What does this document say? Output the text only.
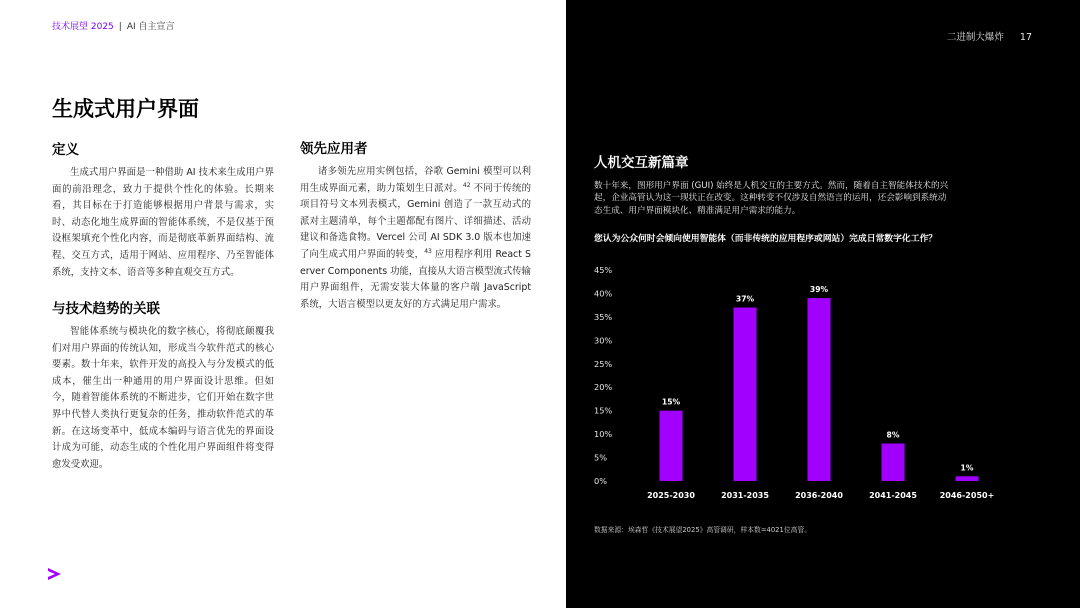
技术展望 2025 | AI 自主宣言
生成式用户界面
定义

生成式用户界面是一种借助 AI 技术来生成用户界面的前沿理念，致力于提供个性化的体验。长期来看，其目标在于打造能够根据用户背景与需求，实时、动态化地生成界面的智能体系统，不是仅基于预设框架填充个性化内容，而是彻底革新界面结构、流程、交互方式，适用于网站、应用程序、乃至智能体系统，支持文本、语音等多种直观交互方式。

与技术趋势的关联

智能体系统与模块化的数字核心，将彻底颠覆我们对用户界面的传统认知，形成当今软件范式的核心要素。数十年来，软件开发的高投入与分发模式的低成本，催生出一种通用的用户界面设计思维。但如今，随着智能体系统的不断进步，它们开始在数字世界中代替人类执行更复杂的任务，推动软件范式的革新。在这场变革中，低成本编码与语言优先的界面设计成为可能，动态生成的个性化用户界面组件将变得愈发受欢迎。

领先应用者

诸多领先应用实例包括，谷歌 Gemini 模型可以利用生成界面元素，助力策划生日派对。$^{42}$ 不同于传统的项目符号文本列表模式，Gemini 创造了一款互动式的派对主题清单，每个主题都配有图片、详细描述、活动建议和备选食物。Vercel 公司 AI SDK 3.0 版本也加速了向生成式用户界面的转变，$^{43}$ 应用程序利用 React Server Components 功能，直接从大语言模型流式传输用户界面组件，无需安装大体量的客户端 JavaScript 系统，大语言模型以更友好的方式满足用户需求。

二进制大爆炸 17
人机交互新篇章

数十年来，图形用户界面 (GUI) 始终是人机交互的主要方式。然而，随着自主智能体技术的兴起，企业高管认为这一现状正在改变。这种转变不仅涉及自然语言的运用，还会影响到系统动态生成、用户界面模块化、精准满足用户需求的能力。

您认为公众何时会倾向使用智能体（而非传统的应用程序或网站）完成日常数字化工作？

0%
5%
10%
15%
20%
25%
30%
35%
40%
45%
15%
2025-2030
37%
2031-2035
39%
2036-2040
8%
2041-2045
1%
2046-2050+
数据来源：埃森哲《技术展望2025》高管调研，样本数=4021位高管。
